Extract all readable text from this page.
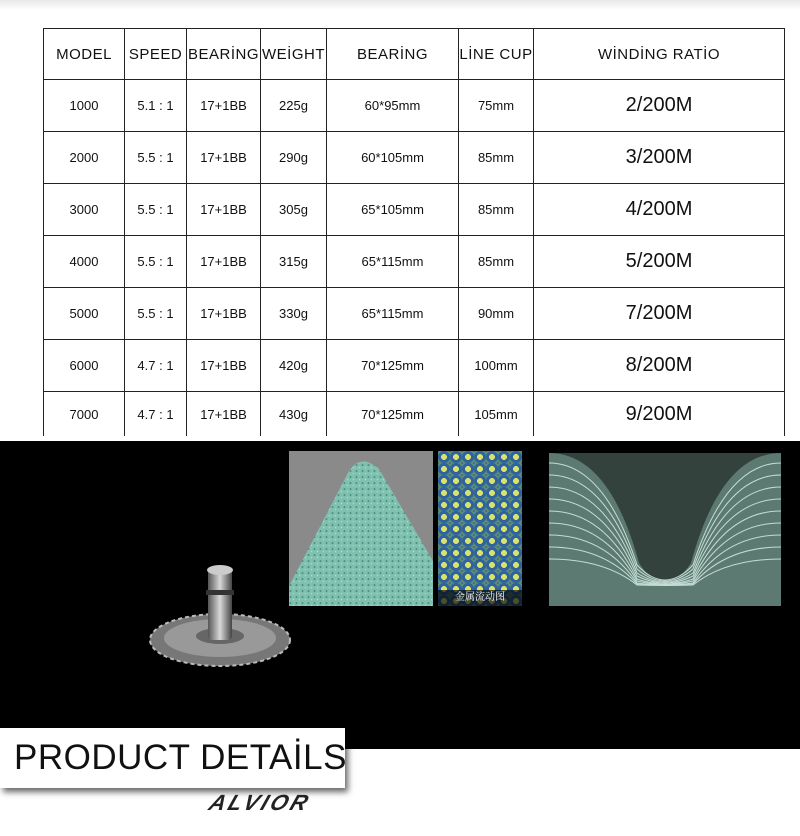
MODEL	SPEED	BEARİNG	WEİGHT	BEARİNG	LİNE CUP	WİNDİNG RATİO
1000	5.1 : 1	17+1BB	225g	60*95mm	75mm	2/200M
2000	5.5 : 1	17+1BB	290g	60*105mm	85mm	3/200M
3000	5.5 : 1	17+1BB	305g	65*105mm	85mm	4/200M
4000	5.5 : 1	17+1BB	315g	65*115mm	85mm	5/200M
5000	5.5 : 1	17+1BB	330g	65*115mm	90mm	7/200M
6000	4.7 : 1	17+1BB	420g	70*125mm	100mm	8/200M
7000	4.7 : 1	17+1BB	430g	70*125mm	105mm	9/200M
金属流动图
PRODUCT DETAİLS
ALVIOR
